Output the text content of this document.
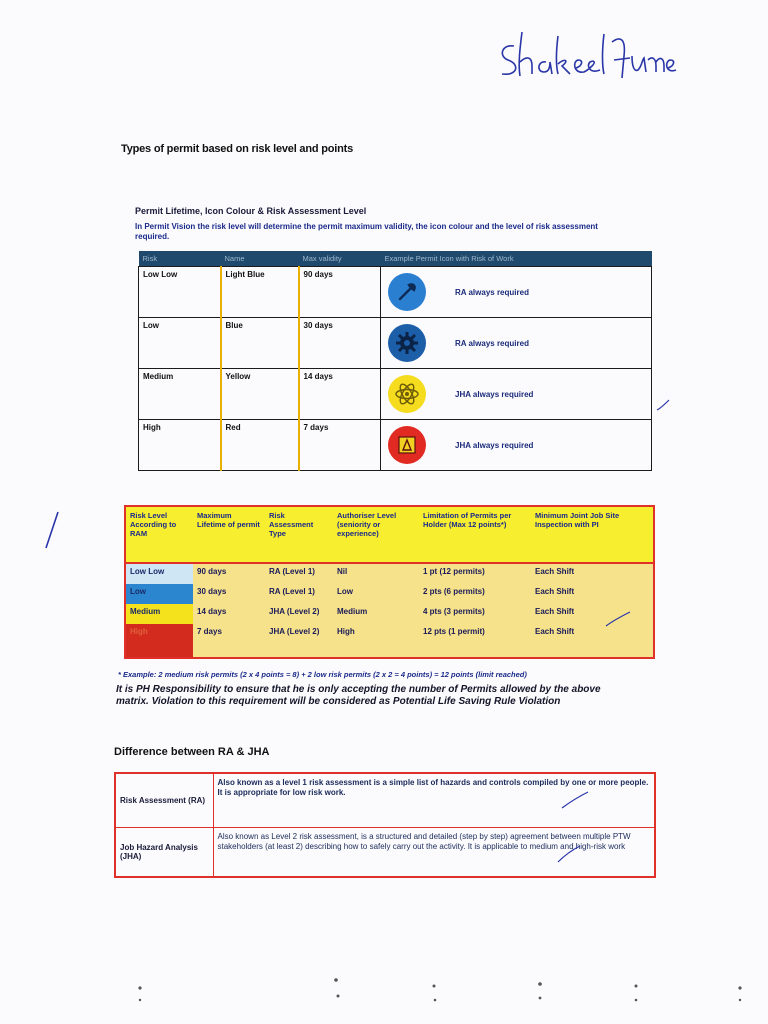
Types of permit based on risk level and points
Permit Lifetime, Icon Colour & Risk Assessment Level
In Permit Vision the risk level will determine the permit maximum validity, the icon colour and the level of risk assessment required.
Risk	Name	Max validity	Example Permit Icon with Risk of Work
Low Low	Light Blue	90 days	RA always required

Low	Blue	30 days	RA always required

Medium	Yellow	14 days	JHA always required

High	Red	7 days	JHA always required
Risk Level According to RAM	Maximum Lifetime of permit	Risk Assessment Type	Authoriser Level (seniority or experience)	Limitation of Permits per Holder (Max 12 points*)	Minimum Joint Job Site Inspection with PI
Low Low	90 days	RA (Level 1)	Nil	1 pt (12 permits)	Each Shift
Low	30 days	RA (Level 1)	Low	2 pts (6 permits)	Each Shift
Medium	14 days	JHA (Level 2)	Medium	4 pts (3 permits)	Each Shift
High	7 days	JHA (Level 2)	High	12 pts (1 permit)	Each Shift
* Example: 2 medium risk permits (2 x 4 points = 8) + 2 low risk permits (2 x 2 = 4 points) = 12 points (limit reached)
It is PH Responsibility to ensure that he is only accepting the number of Permits allowed by the above matrix. Violation to this requirement will be considered as Potential Life Saving Rule Violation
Difference between RA & JHA
Risk Assessment (RA)	Also known as a level 1 risk assessment is a simple list of hazards and controls compiled by one or more people. It is appropriate for low risk work.
Job Hazard Analysis (JHA)	Also known as Level 2 risk assessment, is a structured and detailed (step by step) agreement between multiple PTW stakeholders (at least 2) describing how to safely carry out the activity. It is applicable to medium and high-risk work
